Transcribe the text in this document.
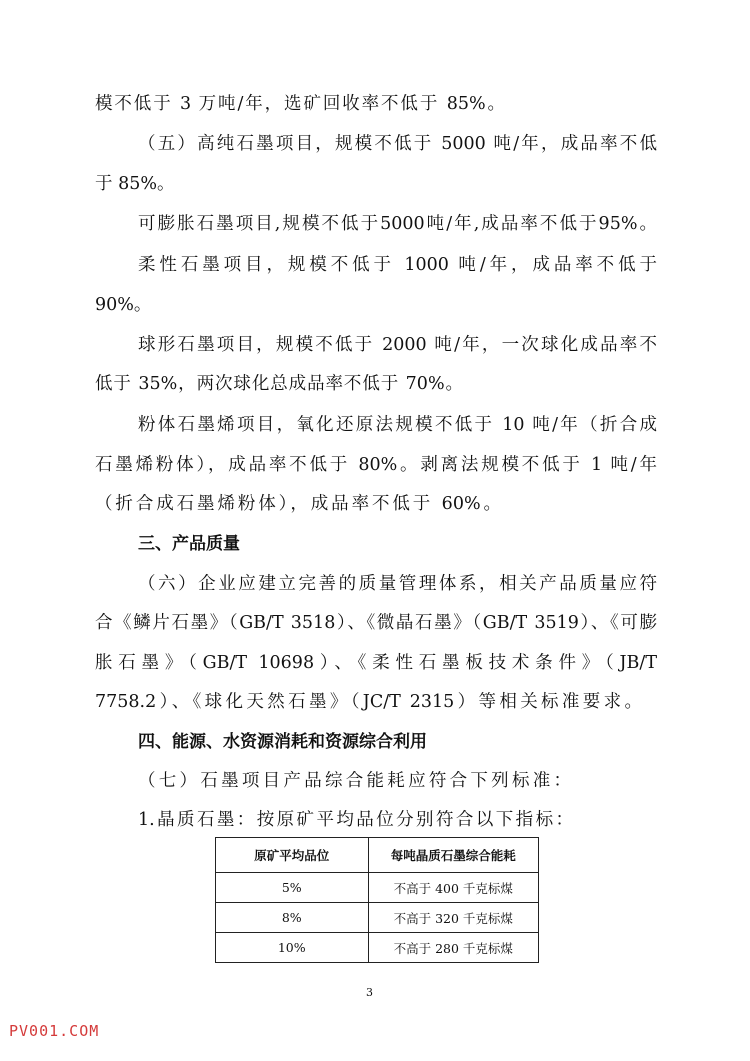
模不低于 3 万吨/年，选矿回收率不低于 85%。
（五）高纯石墨项目，规模不低于 5000 吨/年，成品率不低
于 85%。
可膨胀石墨项目,规模不低于5000吨/年,成品率不低于95%。
柔性石墨项目，规模不低于 1000 吨/年，成品率不低于
90%。
球形石墨项目，规模不低于 2000 吨/年，一次球化成品率不
低于 35%，两次球化总成品率不低于 70%。
粉体石墨烯项目，氧化还原法规模不低于 10 吨/年（折合成
石墨烯粉体），成品率不低于 80%。剥离法规模不低于 1 吨/年
（折合成石墨烯粉体），成品率不低于 60%。
三、产品质量
（六）企业应建立完善的质量管理体系，相关产品质量应符
合《鳞片石墨》（GB/T 3518）、《微晶石墨》（GB/T 3519）、《可膨
胀石墨》（GB/T 10698）、《柔性石墨板技术条件》（JB/T
7758.2）、《球化天然石墨》（JC/T 2315）等相关标准要求。
四、能源、水资源消耗和资源综合利用
（七）石墨项目产品综合能耗应符合下列标准：
1.晶质石墨：按原矿平均品位分别符合以下指标：
原矿平均品位	每吨晶质石墨综合能耗
5%	不高于 400 千克标煤
8%	不高于 320 千克标煤
10%	不高于 280 千克标煤
3
PV001.COM
